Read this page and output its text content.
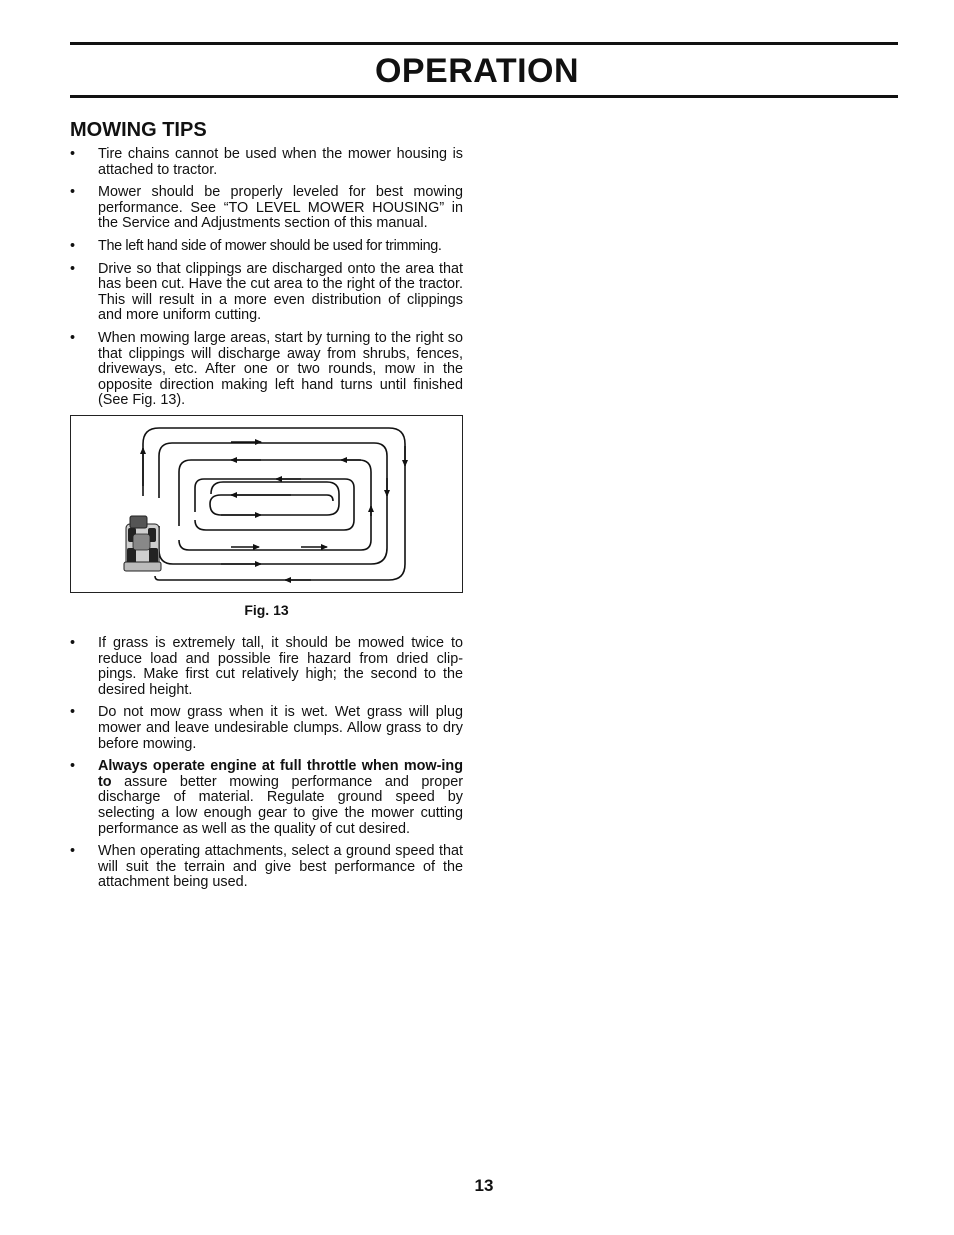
OPERATION
MOWING TIPS
• Tire chains cannot be used when the mower housing is attached to tractor.
• Mower should be properly leveled for best mowing performance. See “TO LEVEL MOWER HOUSING” in the Service and Adjustments section of this manual.
• The left hand side of mower should be used for trimming.
• Drive so that clippings are discharged onto the area that has been cut. Have the cut area to the right of the tractor. This will result in a more even distribution of clippings and more uniform cutting.
• When mowing large areas, start by turning to the right so that clippings will discharge away from shrubs, fences, driveways, etc. After one or two rounds, mow in the opposite direction making left hand turns until finished (See Fig. 13).
Fig. 13
• If grass is extremely tall, it should be mowed twice to reduce load and possible fire hazard from dried clip-pings. Make first cut relatively high; the second to the desired height.
• Do not mow grass when it is wet. Wet grass will plug mower and leave undesirable clumps. Allow grass to dry before mowing.
• Always operate engine at full throttle when mow-ing to assure better mowing performance and proper discharge of material. Regulate ground speed by selecting a low enough gear to give the mower cutting performance as well as the quality of cut desired.
• When operating attachments, select a ground speed that will suit the terrain and give best performance of the attachment being used.
13
